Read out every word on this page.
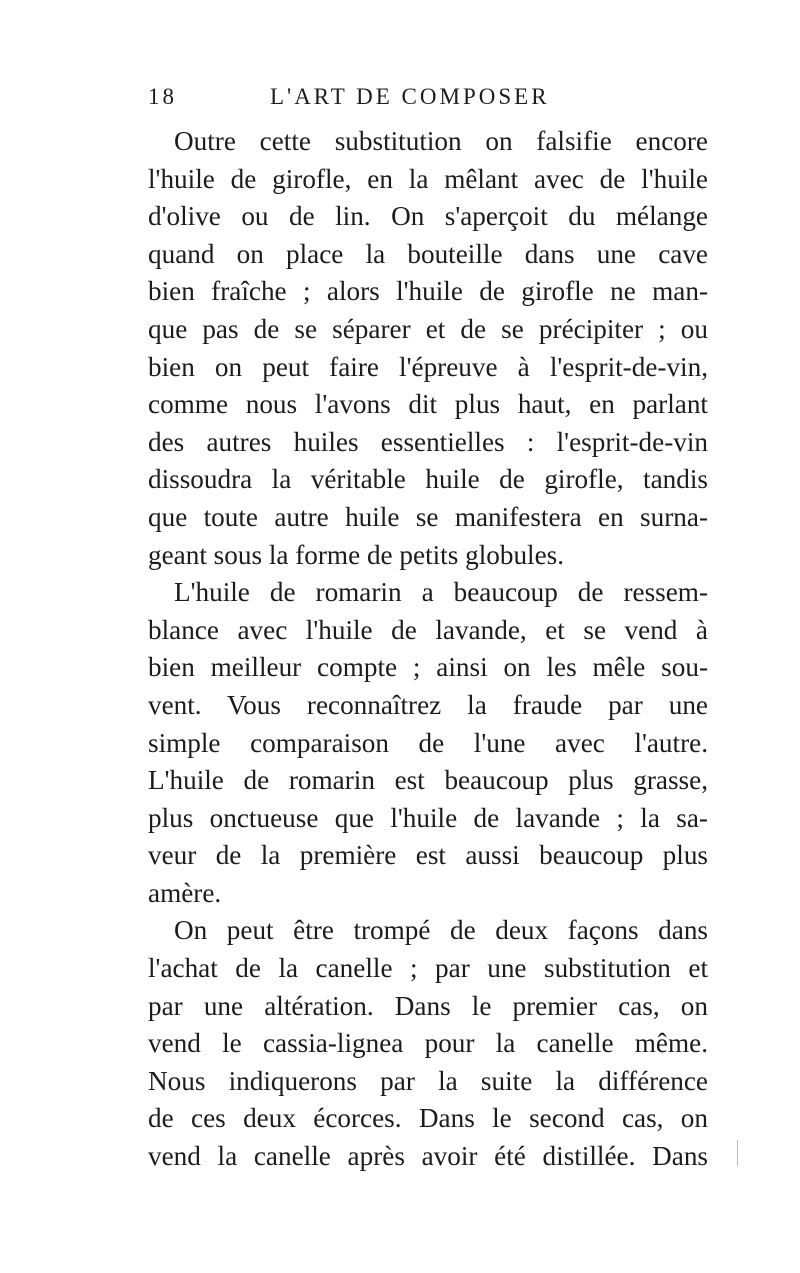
18	L'ART DE COMPOSER
Outre cette substitution on falsifie encore
l'huile de girofle, en la mêlant avec de l'huile
d'olive ou de lin. On s'aperçoit du mélange
quand on place la bouteille dans une cave
bien fraîche ; alors l'huile de girofle ne man-
que pas de se séparer et de se précipiter ; ou
bien on peut faire l'épreuve à l'esprit-de-vin,
comme nous l'avons dit plus haut, en parlant
des autres huiles essentielles : l'esprit-de-vin
dissoudra la véritable huile de girofle, tandis
que toute autre huile se manifestera en surna-
geant sous la forme de petits globules.
L'huile de romarin a beaucoup de ressem-
blance avec l'huile de lavande, et se vend à
bien meilleur compte ; ainsi on les mêle sou-
vent. Vous reconnaîtrez la fraude par une
simple comparaison de l'une avec l'autre.
L'huile de romarin est beaucoup plus grasse,
plus onctueuse que l'huile de lavande ; la sa-
veur de la première est aussi beaucoup plus
amère.
On peut être trompé de deux façons dans
l'achat de la canelle ; par une substitution et
par une altération. Dans le premier cas, on
vend le cassia-lignea pour la canelle même.
Nous indiquerons par la suite la différence
de ces deux écorces. Dans le second cas, on
vend la canelle après avoir été distillée. Dans
